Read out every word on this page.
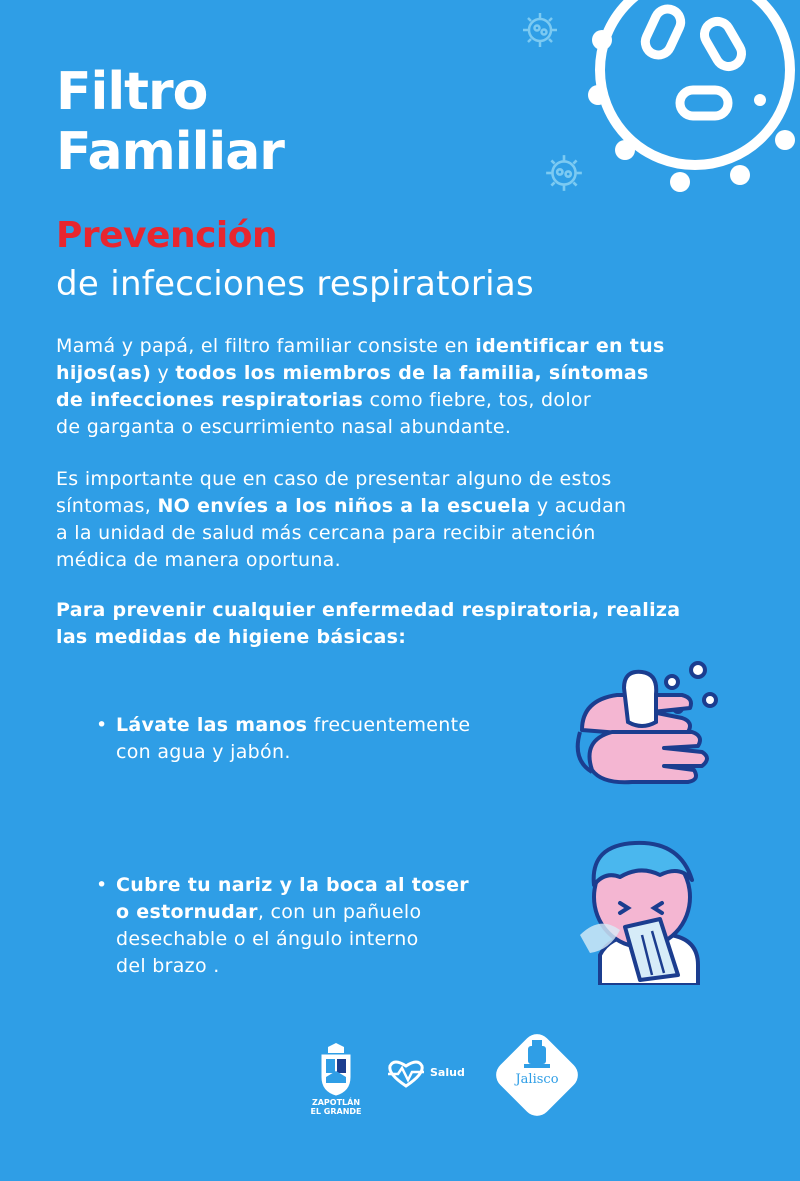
Filtro
Familiar
Prevención
de infecciones respiratorias
Mamá y papá, el filtro familiar consiste en identificar en tus
hijos(as) y todos los miembros de la familia, síntomas
de infecciones respiratorias como fiebre, tos, dolor
de garganta o escurrimiento nasal abundante.
Es importante que en caso de presentar alguno de estos
síntomas, NO envíes a los niños a la escuela y acudan
a la unidad de salud más cercana para recibir atención
médica de manera oportuna.
Para prevenir cualquier enfermedad respiratoria, realiza
las medidas de higiene básicas:
• Lávate las manos frecuentemente
con agua y jabón.
• Cubre tu nariz y la boca al toser
o estornudar, con un pañuelo
desechable o el ángulo interno
del brazo .
ZAPOTLÁN
EL GRANDE
Salud	Jalisco
